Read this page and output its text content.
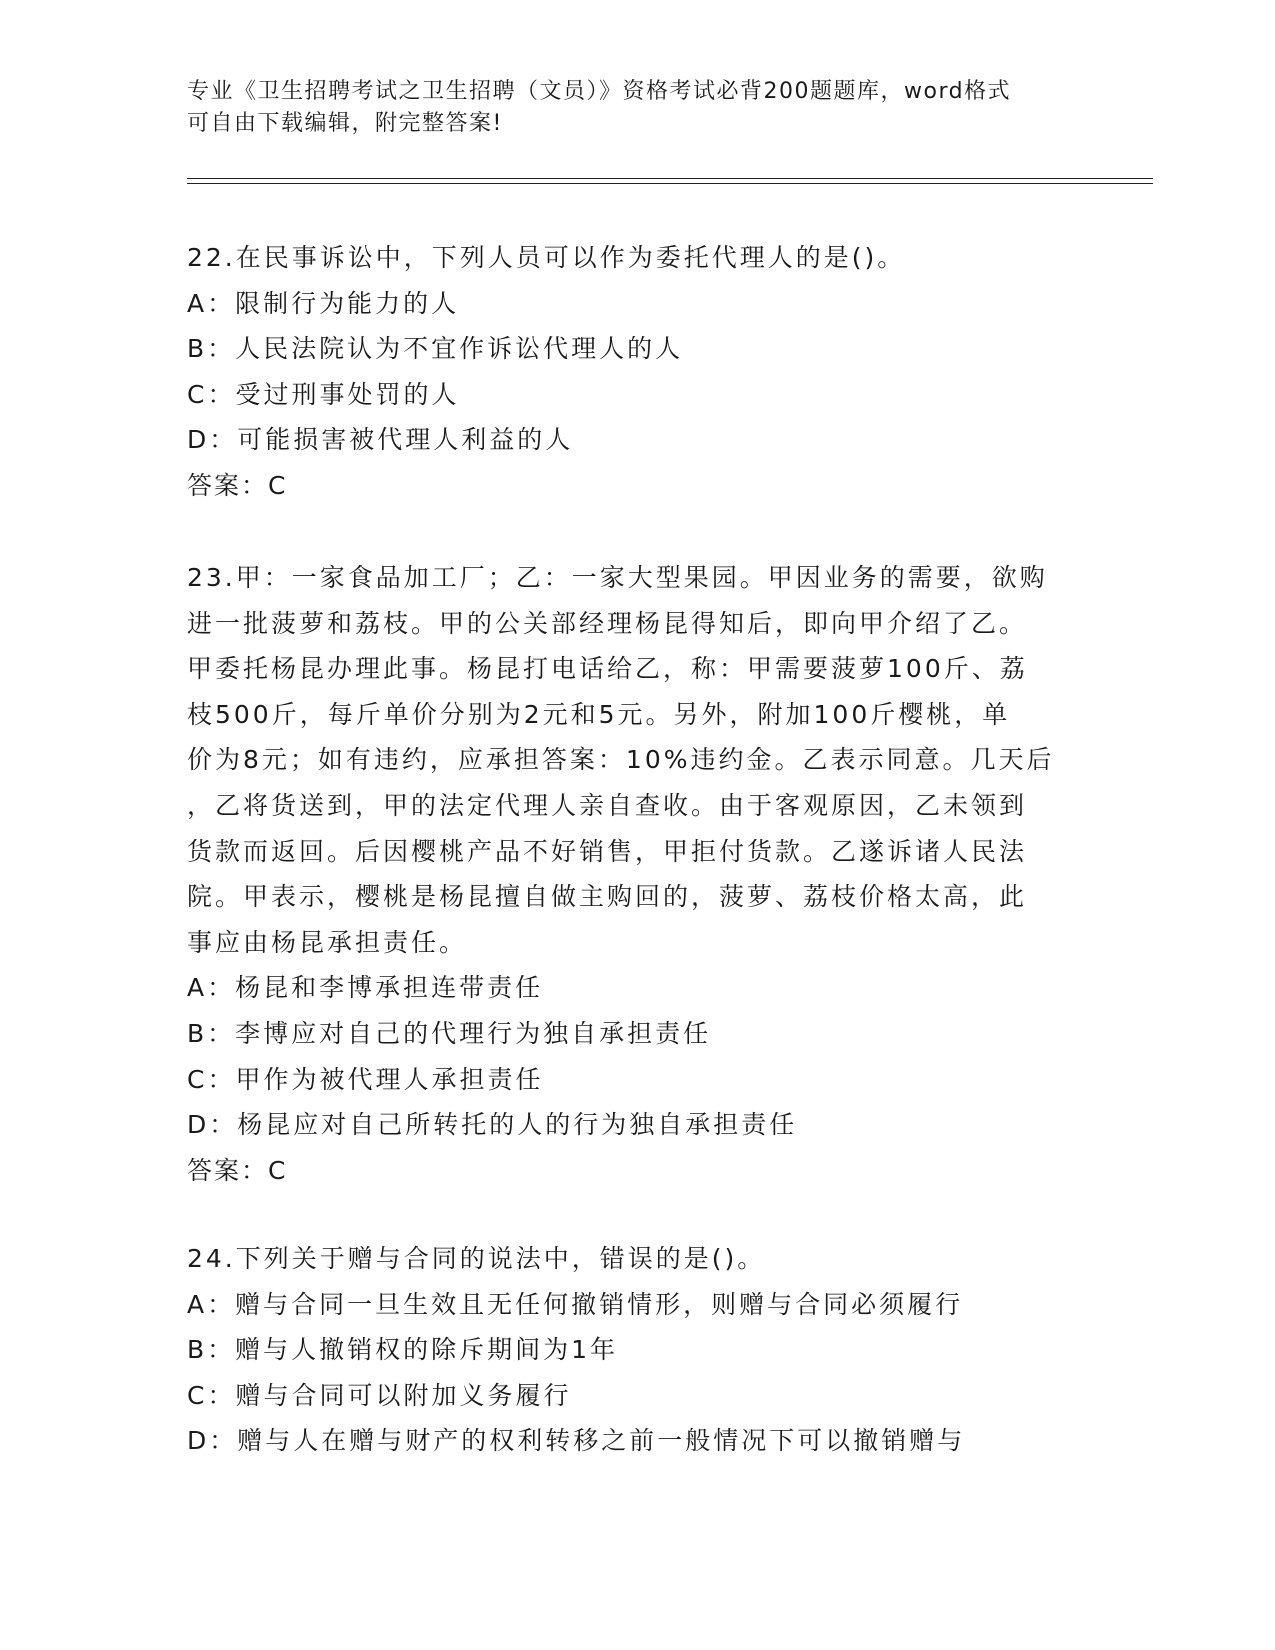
专业《卫生招聘考试之卫生招聘（文员）》资格考试必背200题题库，word格式
可自由下载编辑，附完整答案!
22.在民事诉讼中，下列人员可以作为委托代理人的是()。
A：限制行为能力的人
B：人民法院认为不宜作诉讼代理人的人
C：受过刑事处罚的人
D：可能损害被代理人利益的人
答案：C
23.甲：一家食品加工厂；乙：一家大型果园。甲因业务的需要，欲购
进一批菠萝和荔枝。甲的公关部经理杨昆得知后，即向甲介绍了乙。
甲委托杨昆办理此事。杨昆打电话给乙，称：甲需要菠萝100斤、荔
枝500斤，每斤单价分别为2元和5元。另外，附加100斤樱桃，单
价为8元；如有违约，应承担答案：10%违约金。乙表示同意。几天后
，乙将货送到，甲的法定代理人亲自查收。由于客观原因，乙未领到
货款而返回。后因樱桃产品不好销售，甲拒付货款。乙遂诉诸人民法
院。甲表示，樱桃是杨昆擅自做主购回的，菠萝、荔枝价格太高，此
事应由杨昆承担责任。
A：杨昆和李博承担连带责任
B：李博应对自己的代理行为独自承担责任
C：甲作为被代理人承担责任
D：杨昆应对自己所转托的人的行为独自承担责任
答案：C
24.下列关于赠与合同的说法中，错误的是()。
A：赠与合同一旦生效且无任何撤销情形，则赠与合同必须履行
B：赠与人撤销权的除斥期间为1年
C：赠与合同可以附加义务履行
D：赠与人在赠与财产的权利转移之前一般情况下可以撤销赠与
